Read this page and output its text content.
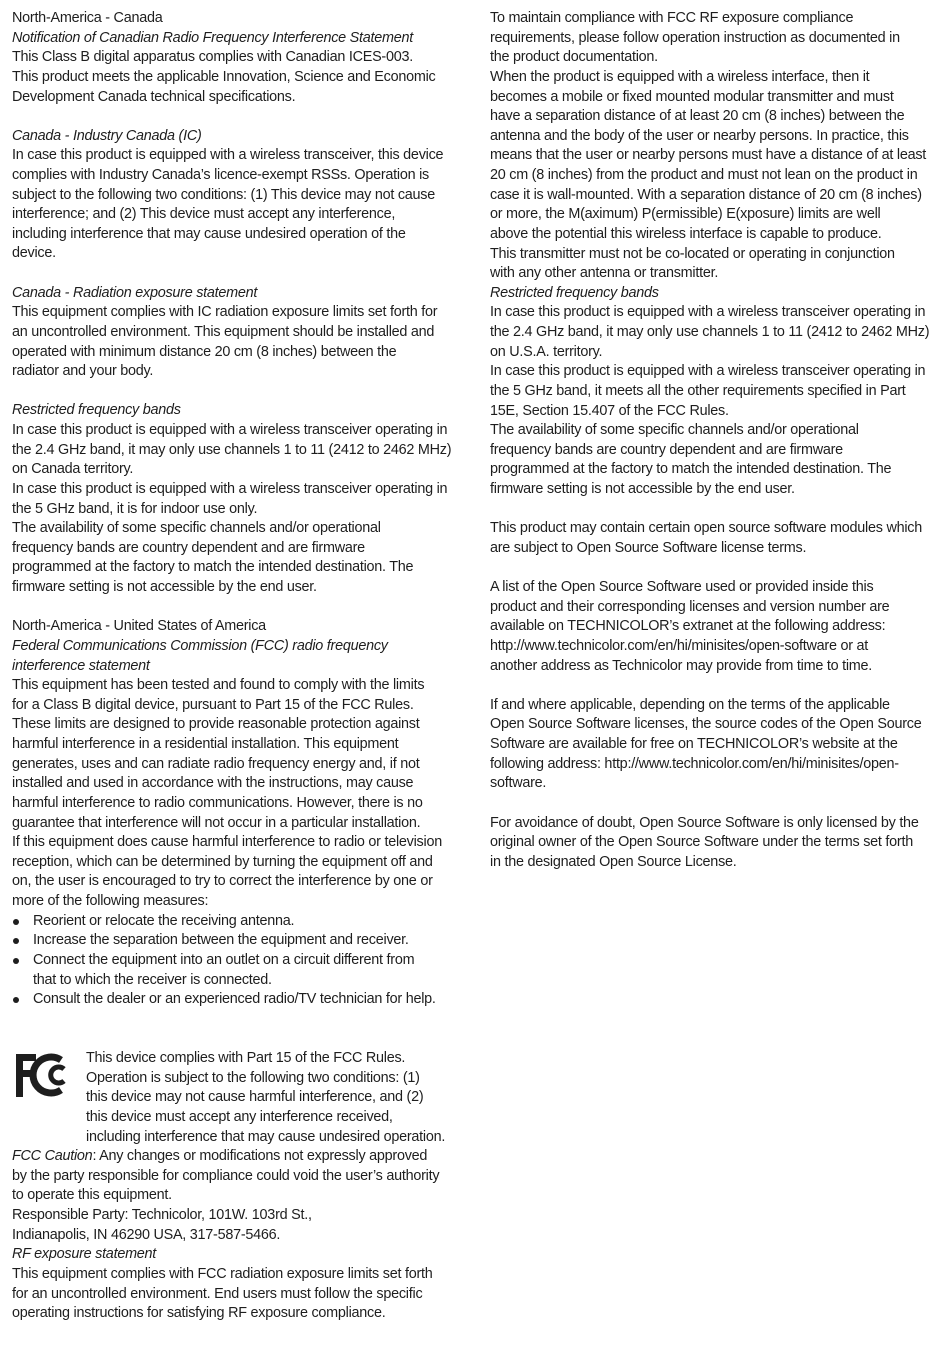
North-America - Canada

Notification of Canadian Radio Frequency Interference Statement

This Class B digital apparatus complies with Canadian ICES-003.
This product meets the applicable Innovation, Science and Economic
Development Canada technical specifications.

Canada - Industry Canada (IC)

In case this product is equipped with a wireless transceiver, this device
complies with Industry Canada’s licence-exempt RSSs. Operation is
subject to the following two conditions: (1) This device may not cause
interference; and (2) This device must accept any interference,
including interference that may cause undesired operation of the
device.

Canada - Radiation exposure statement

This equipment complies with IC radiation exposure limits set forth for
an uncontrolled environment. This equipment should be installed and
operated with minimum distance 20 cm (8 inches) between the
radiator and your body.

Restricted frequency bands

In case this product is equipped with a wireless transceiver operating in
the 2.4 GHz band, it may only use channels 1 to 11 (2412 to 2462 MHz)
on Canada territory.
In case this product is equipped with a wireless transceiver operating in
the 5 GHz band, it is for indoor use only.
The availability of some specific channels and/or operational
frequency bands are country dependent and are firmware
programmed at the factory to match the intended destination. The
firmware setting is not accessible by the end user.

North-America - United States of America

Federal Communications Commission (FCC) radio frequency
interference statement
This equipment has been tested and found to comply with the limits
for a Class B digital device, pursuant to Part 15 of the FCC Rules.
These limits are designed to provide reasonable protection against
harmful interference in a residential installation. This equipment
generates, uses and can radiate radio frequency energy and, if not
installed and used in accordance with the instructions, may cause
harmful interference to radio communications. However, there is no
guarantee that interference will not occur in a particular installation.
If this equipment does cause harmful interference to radio or television
reception, which can be determined by turning the equipment off and
on, the user is encouraged to try to correct the interference by one or
more of the following measures:
Reorient or relocate the receiving antenna.
Increase the separation between the equipment and receiver.
Connect the equipment into an outlet on a circuit different from
that to which the receiver is connected.
Consult the dealer or an experienced radio/TV technician for help.
This device complies with Part 15 of the FCC Rules.
Operation is subject to the following two conditions: (1)
this device may not cause harmful interference, and (2)
this device must accept any interference received,
including interference that may cause undesired operation.

FCC Caution: Any changes or modifications not expressly approved

by the party responsible for compliance could void the user’s authority
to operate this equipment.
Responsible Party: Technicolor, 101W. 103rd St.,
Indianapolis, IN 46290 USA, 317-587-5466.

RF exposure statement

This equipment complies with FCC radiation exposure limits set forth
for an uncontrolled environment. End users must follow the specific
operating instructions for satisfying RF exposure compliance.
To maintain compliance with FCC RF exposure compliance
requirements, please follow operation instruction as documented in
the product documentation.
When the product is equipped with a wireless interface, then it
becomes a mobile or fixed mounted modular transmitter and must
have a separation distance of at least 20 cm (8 inches) between the
antenna and the body of the user or nearby persons. In practice, this
means that the user or nearby persons must have a distance of at least
20 cm (8 inches) from the product and must not lean on the product in
case it is wall-mounted. With a separation distance of 20 cm (8 inches)
or more, the M(aximum) P(ermissible) E(xposure) limits are well
above the potential this wireless interface is capable to produce.
This transmitter must not be co-located or operating in conjunction
with any other antenna or transmitter.

Restricted frequency bands

In case this product is equipped with a wireless transceiver operating in
the 2.4 GHz band, it may only use channels 1 to 11 (2412 to 2462 MHz)
on U.S.A. territory.
In case this product is equipped with a wireless transceiver operating in
the 5 GHz band, it meets all the other requirements specified in Part
15E, Section 15.407 of the FCC Rules.
The availability of some specific channels and/or operational
frequency bands are country dependent and are firmware
programmed at the factory to match the intended destination. The
firmware setting is not accessible by the end user.
This product may contain certain open source software modules which
are subject to Open Source Software license terms.
A list of the Open Source Software used or provided inside this
product and their corresponding licenses and version number are
available on TECHNICOLOR’s extranet at the following address:
http://www.technicolor.com/en/hi/minisites/open-software or at
another address as Technicolor may provide from time to time.
If and where applicable, depending on the terms of the applicable
Open Source Software licenses, the source codes of the Open Source
Software are available for free on TECHNICOLOR’s website at the
following address: http://www.technicolor.com/en/hi/minisites/open-
software.
For avoidance of doubt, Open Source Software is only licensed by the
original owner of the Open Source Software under the terms set forth
in the designated Open Source License.
